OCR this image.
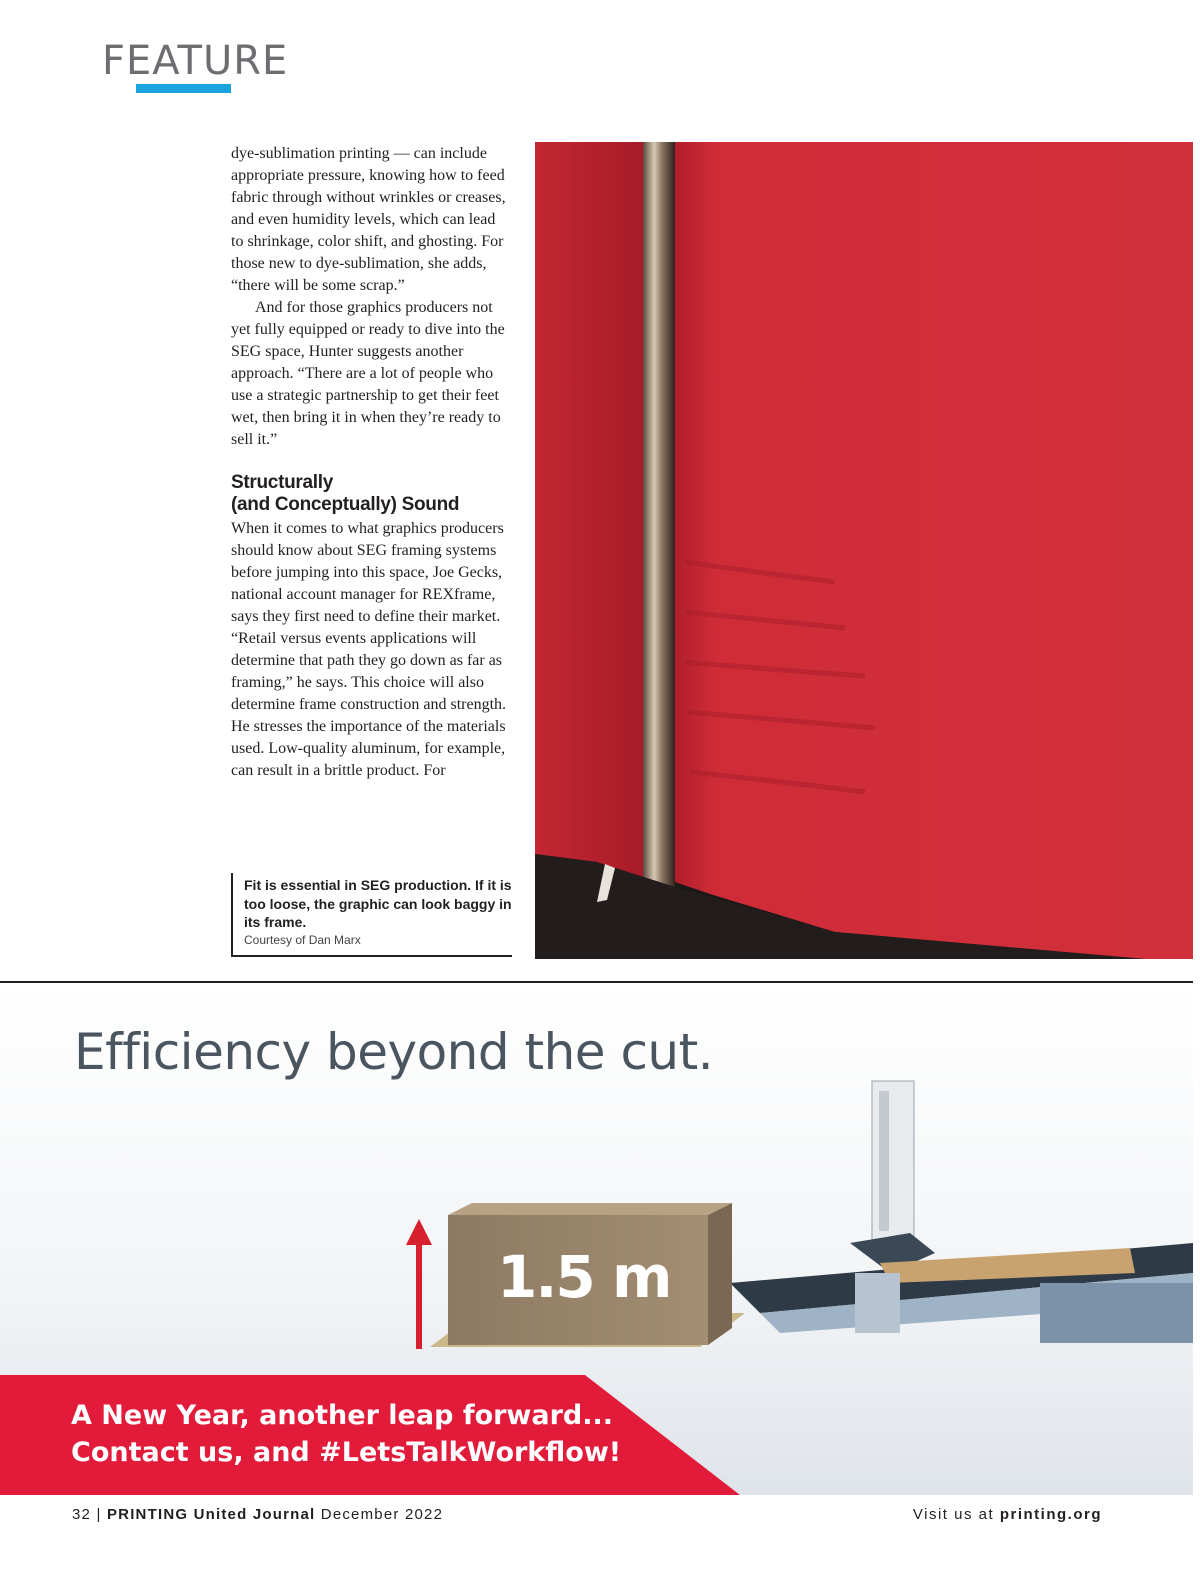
FEATURE

dye-sublimation printing — can include appropriate pressure, knowing how to feed fabric through without wrinkles or creases, and even humidity levels, which can lead to shrinkage, color shift, and ghosting. For those new to dye-sublimation, she adds, “there will be some scrap.”

And for those graphics producers not yet fully equipped or ready to dive into the SEG space, Hunter suggests another approach. “There are a lot of people who use a strategic partnership to get their feet wet, then bring it in when they’re ready to sell it.”

Structurally
(and Conceptually) Sound

When it comes to what graphics producers should know about SEG framing systems before jumping into this space, Joe Gecks, national account manager for REXframe, says they first need to define their market. “Retail versus events applications will determine that path they go down as far as framing,” he says. This choice will also determine frame construction and strength. He stresses the importance of the materials used. Low-quality aluminum, for example, can result in a brittle product. For

Fit is essential in SEG production. If it is too loose, the graphic can look baggy in its frame.
Courtesy of Dan Marx
Efficiency beyond the cut.
1.5 m
A New Year, another leap forward...
Contact us, and #LetsTalkWorkflow!
32 | PRINTING United Journal December 2022	Visit us at printing.org
